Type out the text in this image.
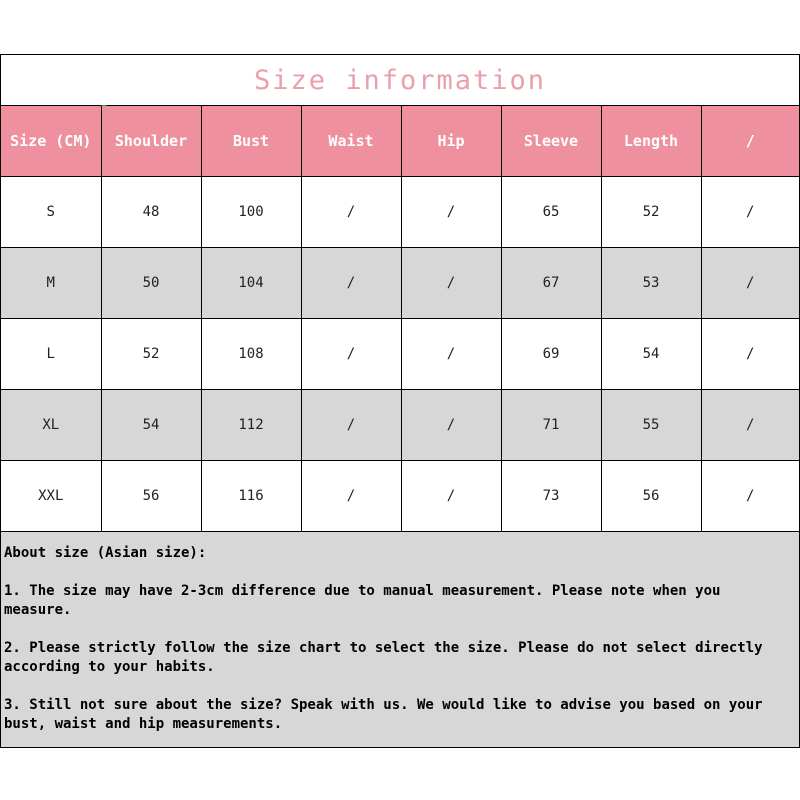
Size information
Size (CM)	Shoulder	Bust	Waist	Hip	Sleeve	Length	/
S	48	100	/	/	65	52	/
M	50	104	/	/	67	53	/
L	52	108	/	/	69	54	/
XL	54	112	/	/	71	55	/
XXL	56	116	/	/	73	56	/

About size (Asian size):

1. The size may have 2-3cm difference due to manual measurement. Please note when you measure.

2. Please strictly follow the size chart to select the size. Please do not select directly according to your habits.

3. Still not sure about the size? Speak with us. We would like to advise you based on your bust, waist and hip measurements.
